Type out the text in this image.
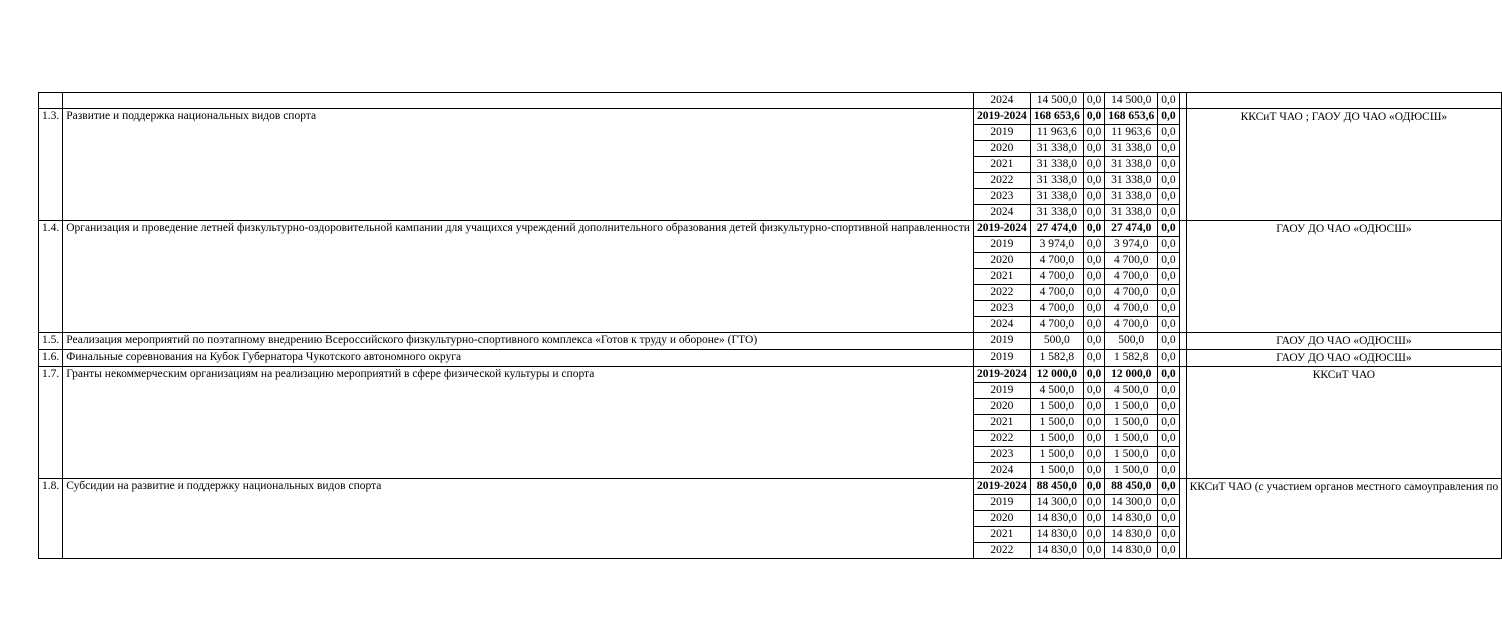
		2024	14 500,0	0,0	14 500,0	0,0		
1.3.	Развитие и поддержка национальных видов спорта	2019-2024	168 653,6	0,0	168 653,6	0,0		ККСиТ ЧАО ; ГАОУ ДО ЧАО «ОДЮСШ»
		2019	11 963,6	0,0	11 963,6	0,0		
		2020	31 338,0	0,0	31 338,0	0,0		
		2021	31 338,0	0,0	31 338,0	0,0		
		2022	31 338,0	0,0	31 338,0	0,0		
		2023	31 338,0	0,0	31 338,0	0,0		
		2024	31 338,0	0,0	31 338,0	0,0		
1.4.	Организация и проведение летней физкультурно-оздоровительной кампании для учащихся учреждений дополнительного образования детей физкультурно-спортивной направленности	2019-2024	27 474,0	0,0	27 474,0	0,0		ГАОУ ДО ЧАО «ОДЮСШ»
		2019	3 974,0	0,0	3 974,0	0,0		
		2020	4 700,0	0,0	4 700,0	0,0		
		2021	4 700,0	0,0	4 700,0	0,0		
		2022	4 700,0	0,0	4 700,0	0,0		
		2023	4 700,0	0,0	4 700,0	0,0		
		2024	4 700,0	0,0	4 700,0	0,0		
1.5.	Реализация мероприятий по поэтапному внедрению Всероссийского физкультурно-спортивного комплекса «Готов к труду и обороне» (ГТО)	2019	500,0	0,0	500,0	0,0		ГАОУ ДО ЧАО «ОДЮСШ»
1.6.	Финальные соревнования на Кубок Губернатора Чукотского автономного округа	2019	1 582,8	0,0	1 582,8	0,0		ГАОУ ДО ЧАО «ОДЮСШ»
1.7.	Гранты некоммерческим организациям на реализацию мероприятий в сфере физической культуры и спорта	2019-2024	12 000,0	0,0	12 000,0	0,0		ККСиТ ЧАО
		2019	4 500,0	0,0	4 500,0	0,0		
		2020	1 500,0	0,0	1 500,0	0,0		
		2021	1 500,0	0,0	1 500,0	0,0		
		2022	1 500,0	0,0	1 500,0	0,0		
		2023	1 500,0	0,0	1 500,0	0,0		
		2024	1 500,0	0,0	1 500,0	0,0		
1.8.	Субсидии на развитие и поддержку национальных видов спорта	2019-2024	88 450,0	0,0	88 450,0	0,0		ККСиТ ЧАО (с участием органов местного самоуправления по
		2019	14 300,0	0,0	14 300,0	0,0		
		2020	14 830,0	0,0	14 830,0	0,0		
		2021	14 830,0	0,0	14 830,0	0,0		
		2022	14 830,0	0,0	14 830,0	0,0		
